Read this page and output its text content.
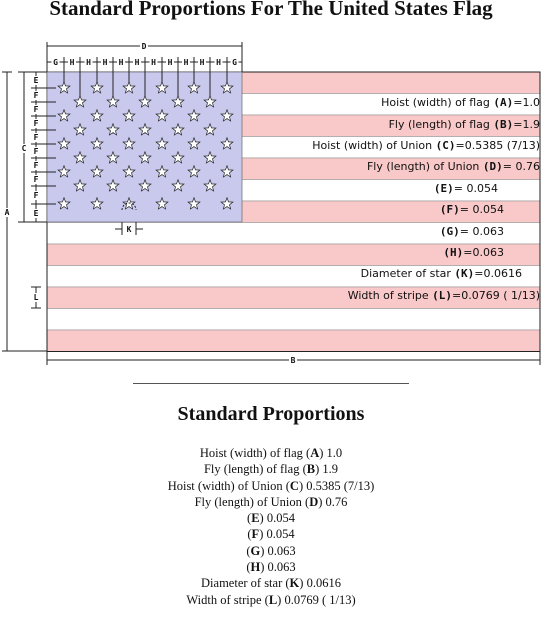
D
G H H H H H H H H H H G
C
E
F
F
F
F
F
F
F
F
E
A
L
B
K
Standard Proportions For The United States Flag
Hoist (width) of flag (A)=1.0
Fly (length) of flag (B)=1.9
Hoist (width) of Union (C)=0.5385 (7/13)
Fly (length) of Union (D)= 0.76
(E)= 0.054
(F)= 0.054
(G)= 0.063
(H)=0.063
Diameter of star (K)=0.0616
Width of stripe (L)=0.0769 ( 1/13)
Standard Proportions
Hoist (width) of flag (A) 1.0
Fly (length) of flag (B) 1.9
Hoist (width) of Union (C) 0.5385 (7/13)
Fly (length) of Union (D) 0.76
(E) 0.054
(F) 0.054
(G) 0.063
(H) 0.063
Diameter of star (K) 0.0616
Width of stripe (L) 0.0769 ( 1/13)
